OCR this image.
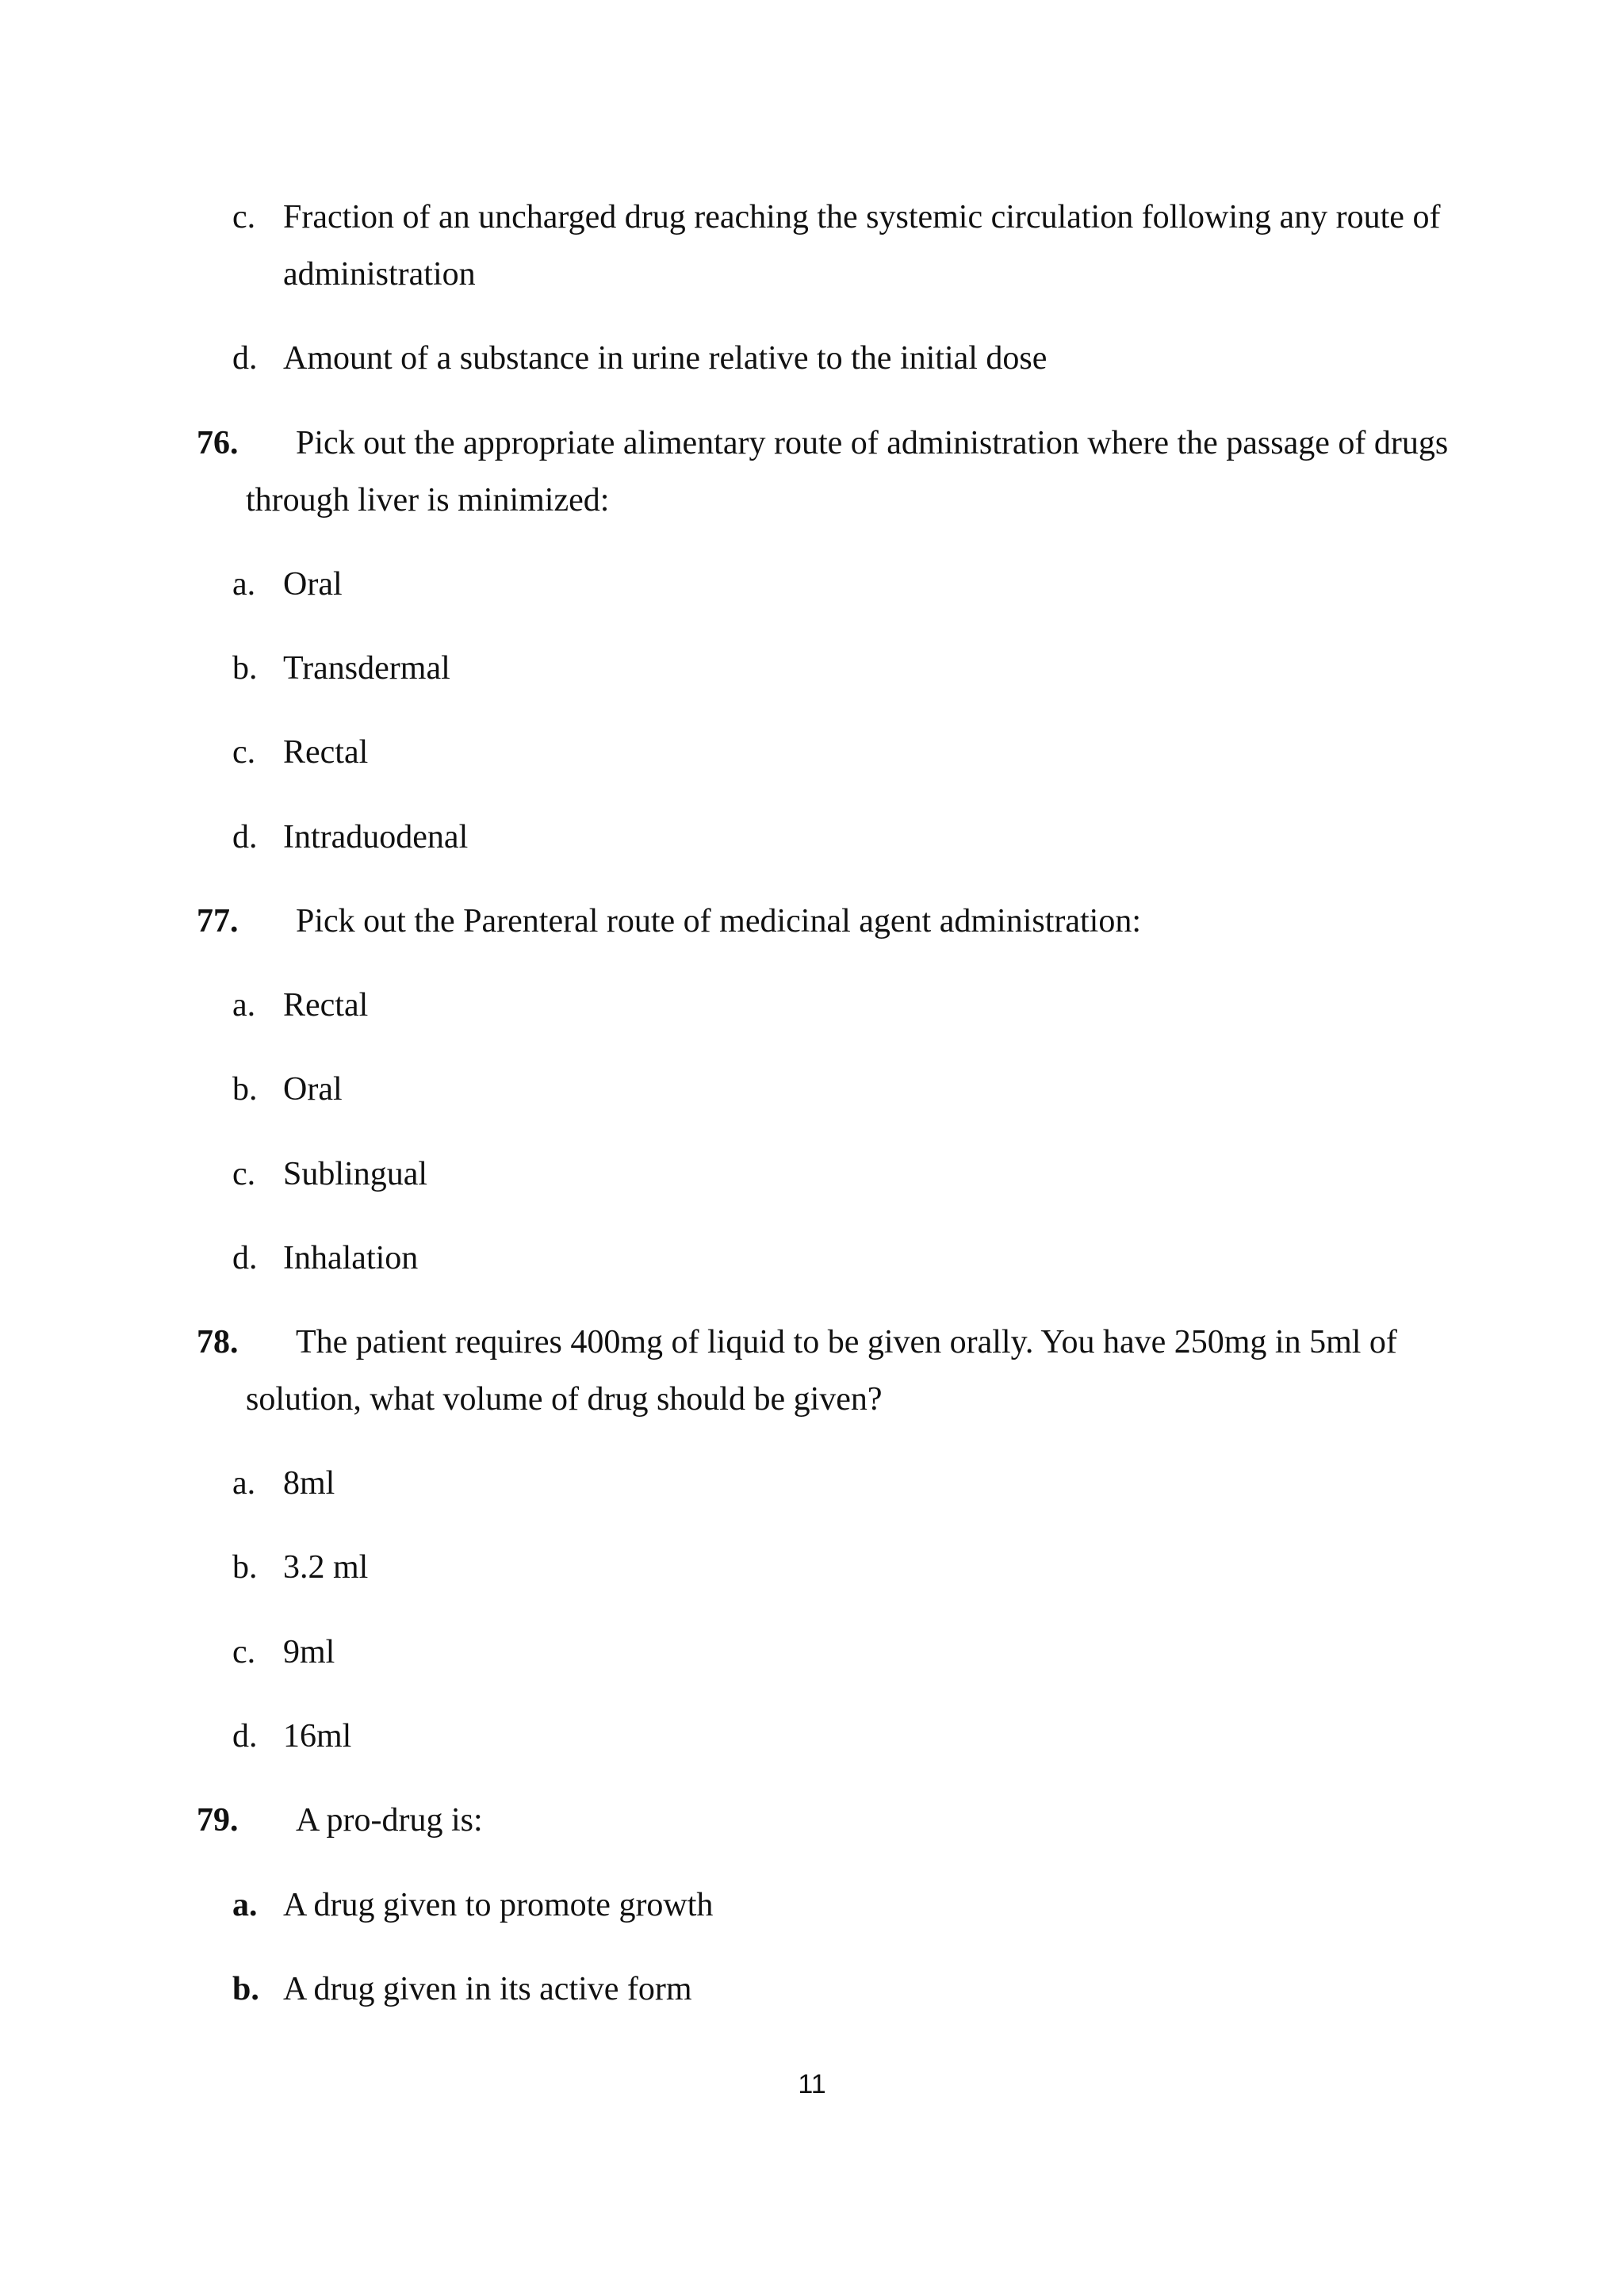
c. Fraction of an uncharged drug reaching the systemic circulation following any route of
administration
d. Amount of a substance in urine relative to the initial dose
76. Pick out the appropriate alimentary route of administration where the passage of drugs
through liver is minimized:
a. Oral
b. Transdermal
c. Rectal
d. Intraduodenal
77. Pick out the Parenteral route of medicinal agent administration:
a. Rectal
b. Oral
c. Sublingual
d. Inhalation
78. The patient requires 400mg of liquid to be given orally. You have 250mg in 5ml of
solution, what volume of drug should be given?
a. 8ml
b. 3.2 ml
c. 9ml
d. 16ml
79. A pro-drug is:
a. A drug given to promote growth
b. A drug given in its active form
11
